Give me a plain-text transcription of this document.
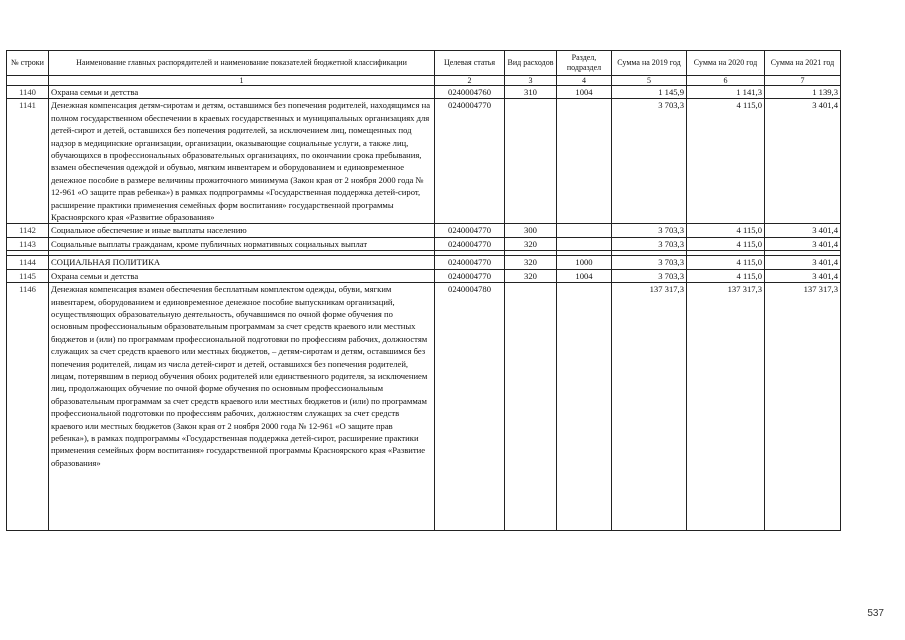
№ строки	Наименование главных распорядителей и наименование показателей бюджетной классификации	Целевая статья	Вид расходов	Раздел, подраздел	Сумма на 2019 год	Сумма на 2020 год	Сумма на 2021 год
	1	2	3	4	5	6	7
1140	Охрана семьи и детства	0240004760	310	1004	1 145,9	1 141,3	1 139,3
1141	Денежная компенсация детям-сиротам и детям, оставшимся без попечения родителей, находящимся на полном государственном обеспечении в краевых государственных и муниципальных организациях для детей-сирот и детей, оставшихся без попечения родителей, за исключением лиц, помещенных под надзор в медицинские организации, организации, оказывающие социальные услуги, а также лиц, обучающихся в профессиональных образовательных организациях, по окончании срока пребывания, взамен обеспечения одеждой и обувью, мягким инвентарем и оборудованием и единовременное денежное пособие в размере величины прожиточного минимума (Закон края от 2 ноября 2000 года № 12-961 «О защите прав ребенка») в рамках подпрограммы «Государственная поддержка детей-сирот, расширение практики применения семейных форм воспитания» государственной программы Красноярского края «Развитие образования»	0240004770			3 703,3	4 115,0	3 401,4
1142	Социальное обеспечение и иные выплаты населению	0240004770	300		3 703,3	4 115,0	3 401,4
1143	Социальные выплаты гражданам, кроме публичных нормативных социальных выплат	0240004770	320		3 703,3	4 115,0	3 401,4

1144	СОЦИАЛЬНАЯ ПОЛИТИКА	0240004770	320	1000	3 703,3	4 115,0	3 401,4
1145	Охрана семьи и детства	0240004770	320	1004	3 703,3	4 115,0	3 401,4
1146	Денежная компенсация взамен обеспечения бесплатным комплектом одежды, обуви, мягким инвентарем, оборудованием и единовременное денежное пособие выпускникам организаций, осуществляющих образовательную деятельность, обучавшимся по очной форме обучения по основным профессиональным образовательным программам за счет средств краевого или местных бюджетов и (или) по программам профессиональной подготовки по профессиям рабочих, должностям служащих за счет средств краевого или местных бюджетов, – детям-сиротам и детям, оставшимся без попечения родителей, лицам из числа детей-сирот и детей, оставшихся без попечения родителей, лицам, потерявшим в период обучения обоих родителей или единственного родителя, за исключением лиц, продолжающих обучение по очной форме обучения по основным профессиональным образовательным программам за счет средств краевого или местных бюджетов и (или) по программам профессиональной подготовки по профессиям рабочих, должностям служащих за счет средств краевого или местных бюджетов (Закон края от 2 ноября 2000 года № 12-961 «О защите прав ребенка»), в рамках подпрограммы «Государственная поддержка детей-сирот, расширение практики применения семейных форм воспитания» государственной программы Красноярского края «Развитие образования»	0240004780			137 317,3	137 317,3	137 317,3
537
